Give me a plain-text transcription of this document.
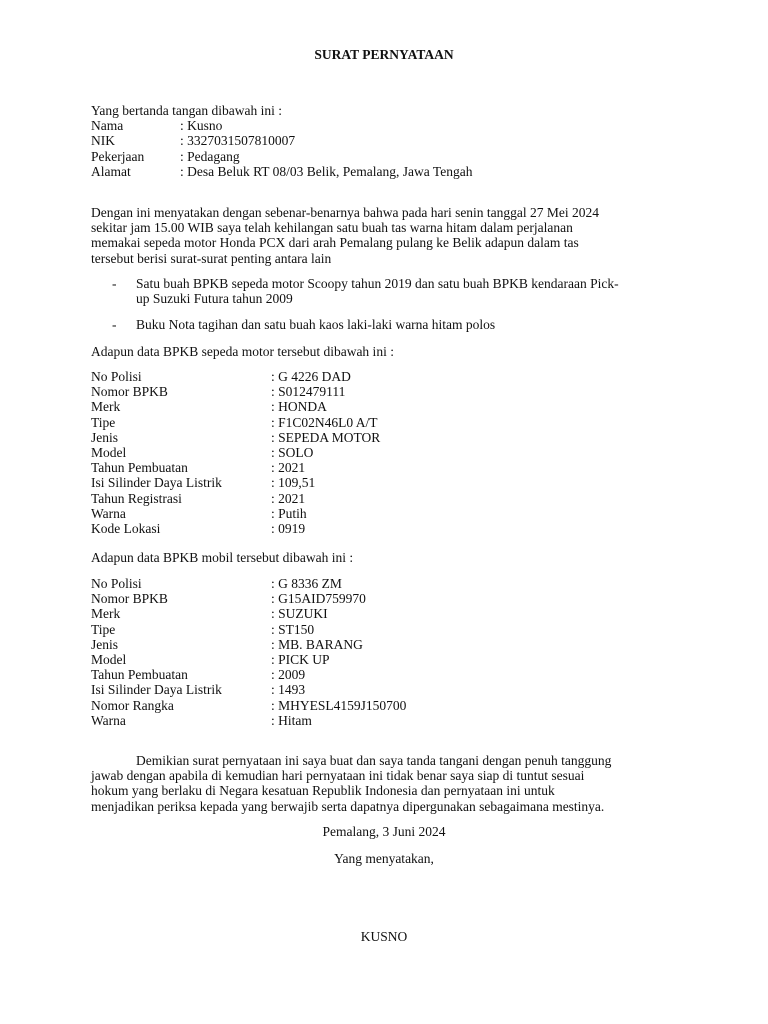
SURAT PERNYATAAN
Yang bertanda tangan dibawah ini :
Nama	: Kusno
NIK	: 3327031507810007
Pekerjaan	: Pedagang
Alamat	: Desa Beluk RT 08/03 Belik, Pemalang, Jawa Tengah
Dengan ini menyatakan dengan sebenar-benarnya bahwa pada hari senin tanggal 27 Mei 2024
sekitar jam 15.00 WIB saya telah kehilangan satu buah tas warna hitam dalam perjalanan
memakai sepeda motor Honda PCX dari arah Pemalang pulang ke Belik adapun dalam tas
tersebut berisi surat-surat penting antara lain
-	Satu buah BPKB sepeda motor Scoopy tahun 2019 dan satu buah BPKB kendaraan Pick-
up Suzuki Futura tahun 2009
-	Buku Nota tagihan dan satu buah kaos laki-laki warna hitam polos
Adapun data BPKB sepeda motor tersebut dibawah ini :
No Polisi	: G 4226 DAD
Nomor BPKB	: S012479111
Merk	: HONDA
Tipe	: F1C02N46L0 A/T
Jenis	: SEPEDA MOTOR
Model	: SOLO
Tahun Pembuatan	: 2021
Isi Silinder Daya Listrik	: 109,51
Tahun Registrasi	: 2021
Warna	: Putih
Kode Lokasi	: 0919
Adapun data BPKB mobil tersebut dibawah ini :
No Polisi	: G 8336 ZM
Nomor BPKB	: G15AID759970
Merk	: SUZUKI
Tipe	: ST150
Jenis	: MB. BARANG
Model	: PICK UP
Tahun Pembuatan	: 2009
Isi Silinder Daya Listrik	: 1493
Nomor Rangka	: MHYESL4159J150700
Warna	: Hitam
Demikian surat pernyataan ini saya buat dan saya tanda tangani dengan penuh tanggung
jawab dengan apabila di kemudian hari pernyataan ini tidak benar saya siap di tuntut sesuai
hokum yang berlaku di Negara kesatuan Republik Indonesia dan pernyataan ini untuk
menjadikan periksa kepada yang berwajib serta dapatnya dipergunakan sebagaimana mestinya.
Pemalang, 3 Juni 2024
Yang menyatakan,
KUSNO
